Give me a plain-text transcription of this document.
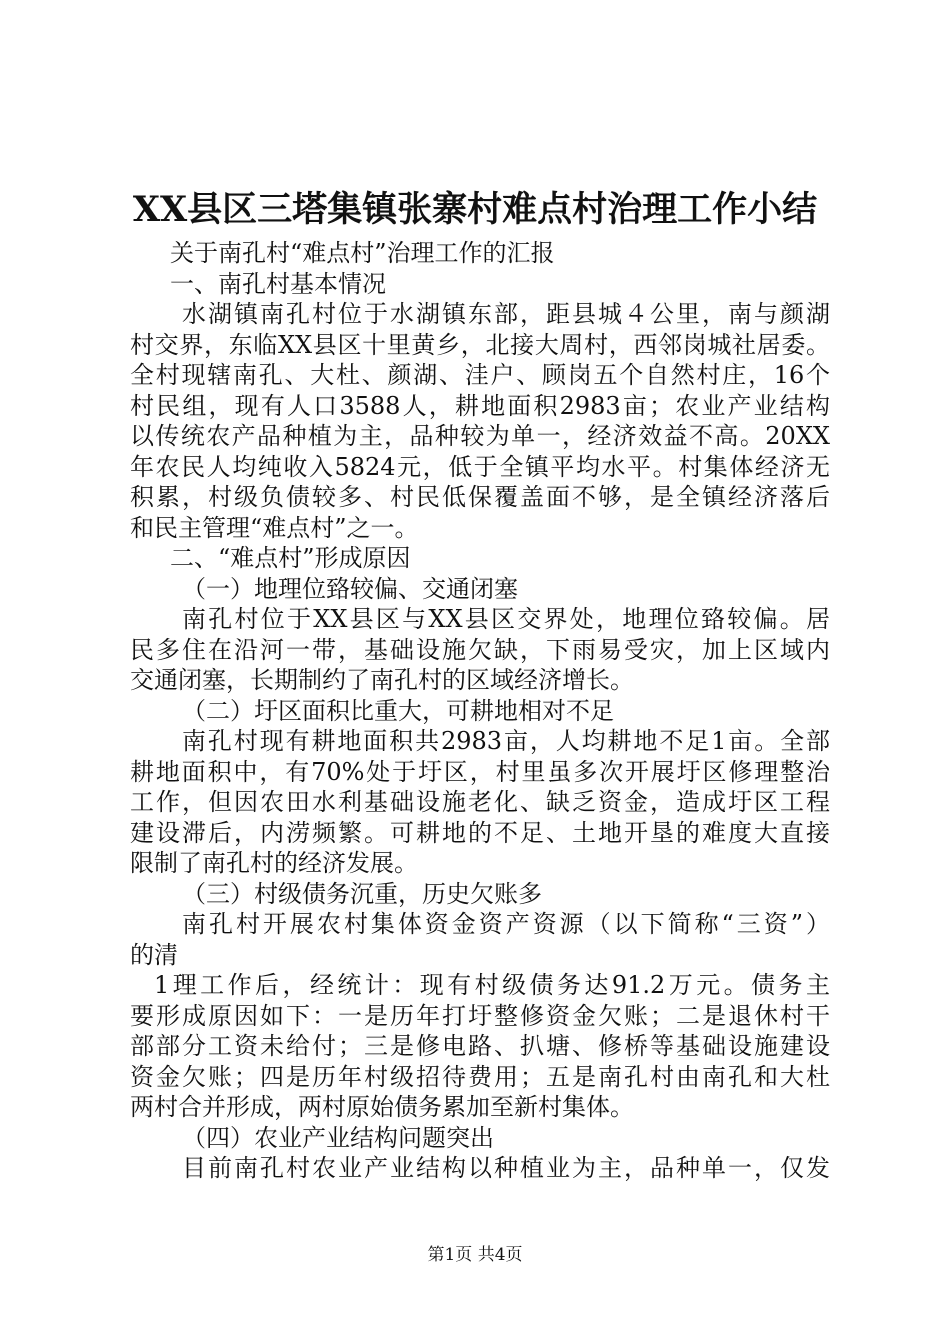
XX县区三塔集镇张寨村难点村治理工作小结
关于南孔村“难点村”治理工作的汇报
一、南孔村基本情况
水湖镇南孔村位于水湖镇东部，距县城４公里，南与颜湖
村交界，东临XX县区十里黄乡，北接大周村，西邻岗城社居委。
全村现辖南孔、大杜、颜湖、洼户、顾岗五个自然村庄，16个
村民组，现有人口3588人，耕地面积2983亩；农业产业结构
以传统农产品种植为主，品种较为单一，经济效益不高。20XX
年农民人均纯收入5824元，低于全镇平均水平。村集体经济无
积累，村级负债较多、村民低保覆盖面不够，是全镇经济落后
和民主管理“难点村”之一。
二、“难点村”形成原因
（一）地理位臵较偏、交通闭塞
南孔村位于XX县区与XX县区交界处，地理位臵较偏。居
民多住在沿河一带，基础设施欠缺，下雨易受灾，加上区域内
交通闭塞，长期制约了南孔村的区域经济增长。
（二）圩区面积比重大，可耕地相对不足
南孔村现有耕地面积共2983亩，人均耕地不足1亩。全部
耕地面积中，有70%处于圩区，村里虽多次开展圩区修理整治
工作，但因农田水利基础设施老化、缺乏资金，造成圩区工程
建设滞后，内涝频繁。可耕地的不足、土地开垦的难度大直接
限制了南孔村的经济发展。
（三）村级债务沉重，历史欠账多
南孔村开展农村集体资金资产资源（以下简称“三资”）
的清
1理工作后，经统计：现有村级债务达91.2万元。债务主
要形成原因如下：一是历年打圩整修资金欠账；二是退休村干
部部分工资未给付；三是修电路、扒塘、修桥等基础设施建设
资金欠账；四是历年村级招待费用；五是南孔村由南孔和大杜
两村合并形成，两村原始债务累加至新村集体。
（四）农业产业结构问题突出
目前南孔村农业产业结构以种植业为主，品种单一，仅发
第1页 共4页
